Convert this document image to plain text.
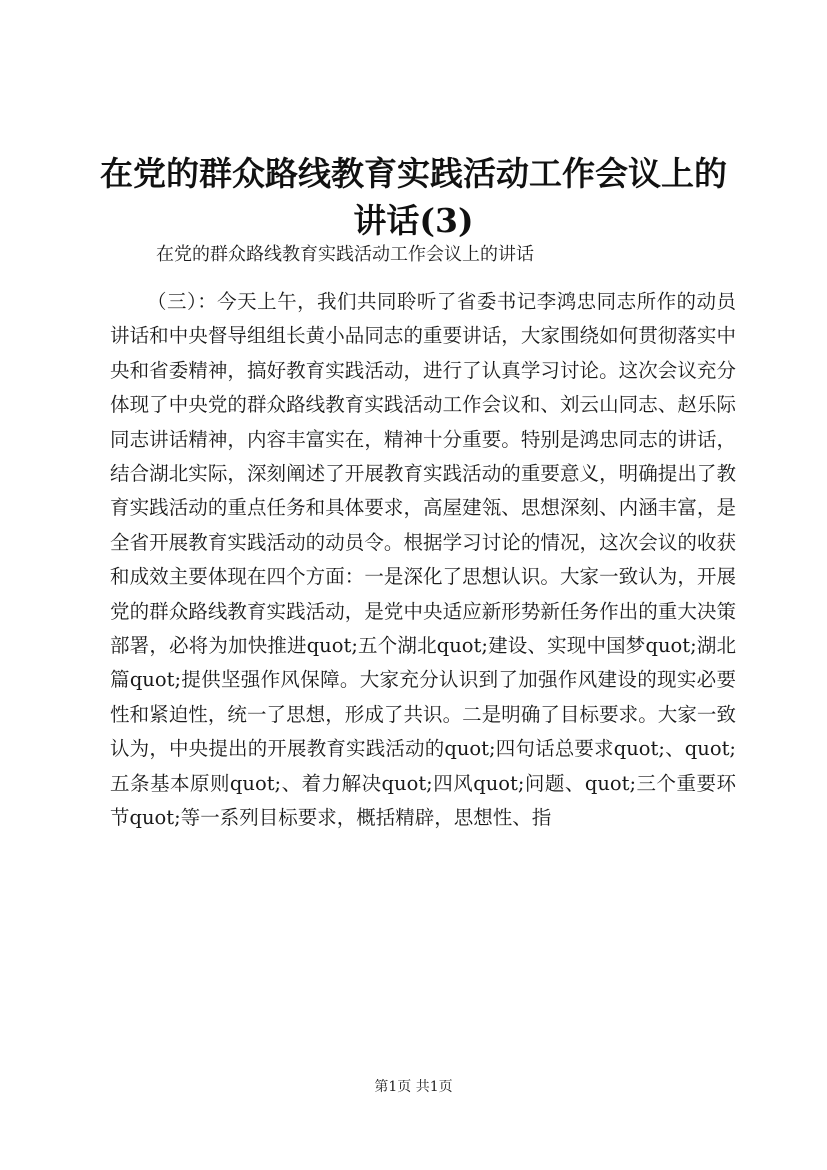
在党的群众路线教育实践活动工作会议上的讲话(3)

在党的群众路线教育实践活动工作会议上的讲话

（三）：今天上午，我们共同聆听了省委书记李鸿忠同志所作的动员讲话和中央督导组组长黄小品同志的重要讲话，大家围绕如何贯彻落实中央和省委精神，搞好教育实践活动，进行了认真学习讨论。这次会议充分体现了中央党的群众路线教育实践活动工作会议和、刘云山同志、赵乐际同志讲话精神，内容丰富实在，精神十分重要。特别是鸿忠同志的讲话，结合湖北实际，深刻阐述了开展教育实践活动的重要意义，明确提出了教育实践活动的重点任务和具体要求，高屋建瓴、思想深刻、内涵丰富，是全省开展教育实践活动的动员令。根据学习讨论的情况，这次会议的收获和成效主要体现在四个方面：一是深化了思想认识。大家一致认为，开展党的群众路线教育实践活动，是党中央适应新形势新任务作出的重大决策部署，必将为加快推进quot;五个湖北quot;建设、实现中国梦quot;湖北篇quot;提供坚强作风保障。大家充分认识到了加强作风建设的现实必要性和紧迫性，统一了思想，形成了共识。二是明确了目标要求。大家一致认为，中央提出的开展教育实践活动的quot;四句话总要求quot;、quot;五条基本原则quot;、着力解决quot;四风quot;问题、quot;三个重要环节quot;等一系列目标要求，概括精辟，思想性、指

第1页 共1页
